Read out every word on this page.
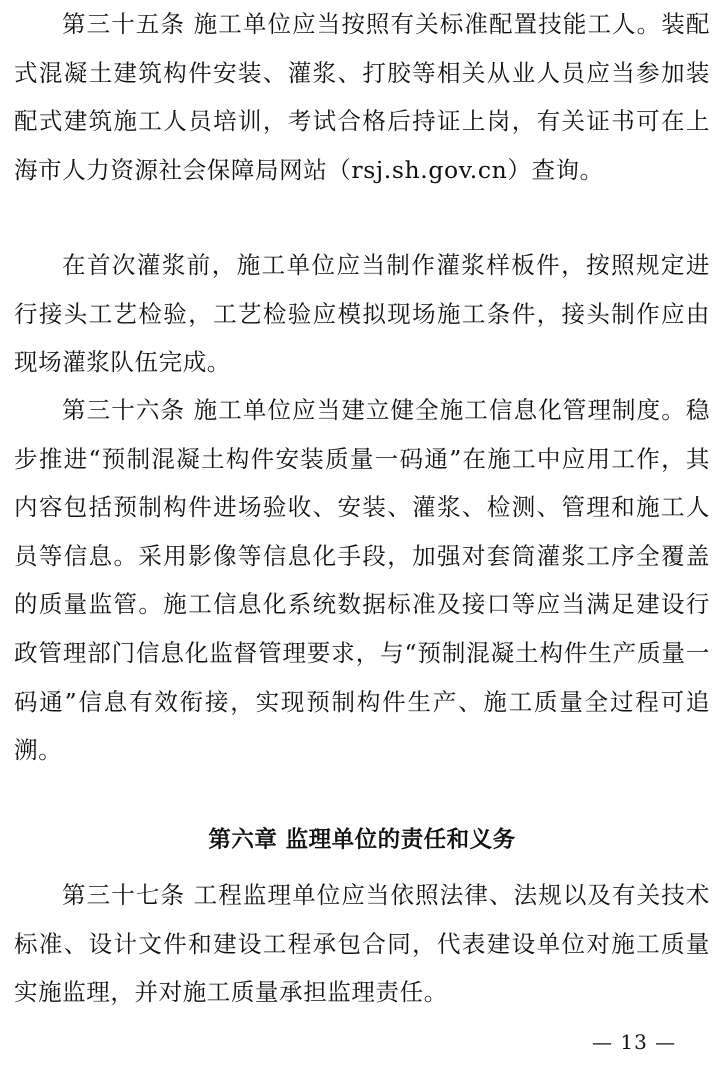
第三十五条 施工单位应当按照有关标准配置技能工人。装配式混凝土建筑构件安装、灌浆、打胶等相关从业人员应当参加装配式建筑施工人员培训，考试合格后持证上岗，有关证书可在上海市人力资源社会保障局网站（rsj.sh.gov.cn）查询。

在首次灌浆前，施工单位应当制作灌浆样板件，按照规定进行接头工艺检验，工艺检验应模拟现场施工条件，接头制作应由现场灌浆队伍完成。

第三十六条 施工单位应当建立健全施工信息化管理制度。稳步推进“预制混凝土构件安装质量一码通”在施工中应用工作，其内容包括预制构件进场验收、安装、灌浆、检测、管理和施工人员等信息。采用影像等信息化手段，加强对套筒灌浆工序全覆盖的质量监管。施工信息化系统数据标准及接口等应当满足建设行政管理部门信息化监督管理要求，与“预制混凝土构件生产质量一码通”信息有效衔接，实现预制构件生产、施工质量全过程可追溯。

第六章 监理单位的责任和义务

第三十七条 工程监理单位应当依照法律、法规以及有关技术标准、设计文件和建设工程承包合同，代表建设单位对施工质量实施监理，并对施工质量承担监理责任。

— 13 —
